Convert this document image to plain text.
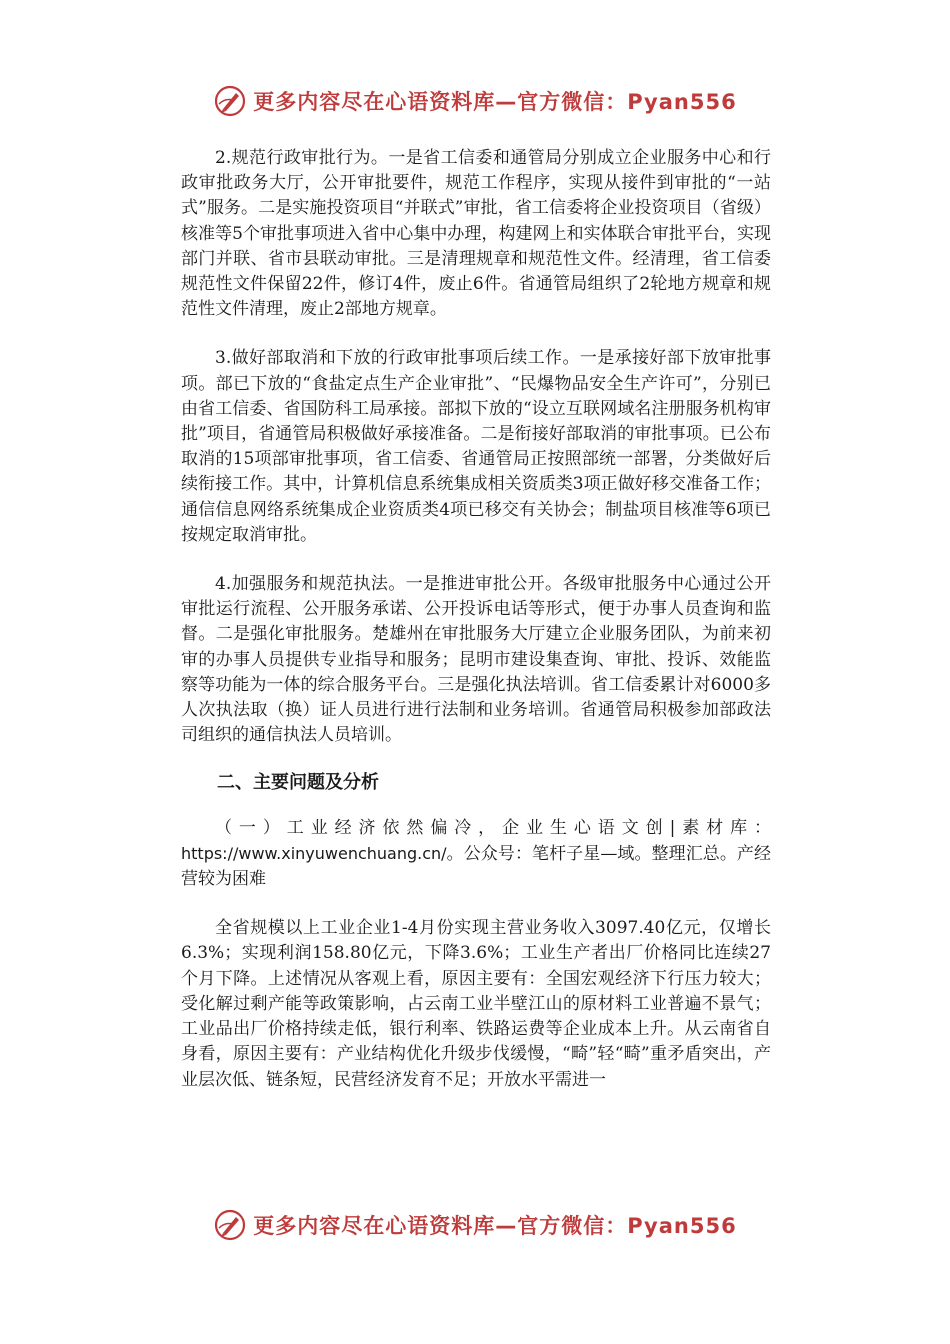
更多内容尽在心语资料库—官方微信：Pyan556

2.规范行政审批行为。一是省工信委和通管局分别成立企业服务中心和行政审批政务大厅，公开审批要件，规范工作程序，实现从接件到审批的“一站式”服务。二是实施投资项目“并联式”审批，省工信委将企业投资项目（省级）核准等5个审批事项进入省中心集中办理，构建网上和实体联合审批平台，实现部门并联、省市县联动审批。三是清理规章和规范性文件。经清理，省工信委规范性文件保留22件，修订4件，废止6件。省通管局组织了2轮地方规章和规范性文件清理，废止2部地方规章。

3.做好部取消和下放的行政审批事项后续工作。一是承接好部下放审批事项。部已下放的“食盐定点生产企业审批”、“民爆物品安全生产许可”，分别已由省工信委、省国防科工局承接。部拟下放的“设立互联网域名注册服务机构审批”项目，省通管局积极做好承接准备。二是衔接好部取消的审批事项。已公布取消的15项部审批事项，省工信委、省通管局正按照部统一部署，分类做好后续衔接工作。其中，计算机信息系统集成相关资质类3项正做好移交准备工作；通信信息网络系统集成企业资质类4项已移交有关协会；制盐项目核准等6项已按规定取消审批。

4.加强服务和规范执法。一是推进审批公开。各级审批服务中心通过公开审批运行流程、公开服务承诺、公开投诉电话等形式，便于办事人员查询和监督。二是强化审批服务。楚雄州在审批服务大厅建立企业服务团队，为前来初审的办事人员提供专业指导和服务；昆明市建设集查询、审批、投诉、效能监察等功能为一体的综合服务平台。三是强化执法培训。省工信委累计对6000多人次执法取（换）证人员进行进行法制和业务培训。省通管局积极参加部政法司组织的通信执法人员培训。

二、主要问题及分析

（一）工业经济依然偏冷，企业生心语文创|素材库：https://www.xinyuwenchuang.cn/。公众号：笔杆子星—域。整理汇总。产经营较为困难

全省规模以上工业企业1-4月份实现主营业务收入3097.40亿元，仅增长6.3%；实现利润158.80亿元，下降3.6%；工业生产者出厂价格同比连续27个月下降。上述情况从客观上看，原因主要有：全国宏观经济下行压力较大；受化解过剩产能等政策影响，占云南工业半壁江山的原材料工业普遍不景气；工业品出厂价格持续走低，银行利率、铁路运费等企业成本上升。从云南省自身看，原因主要有：产业结构优化升级步伐缓慢，“畸”轻“畸”重矛盾突出，产业层次低、链条短，民营经济发育不足；开放水平需进一

更多内容尽在心语资料库—官方微信：Pyan556
